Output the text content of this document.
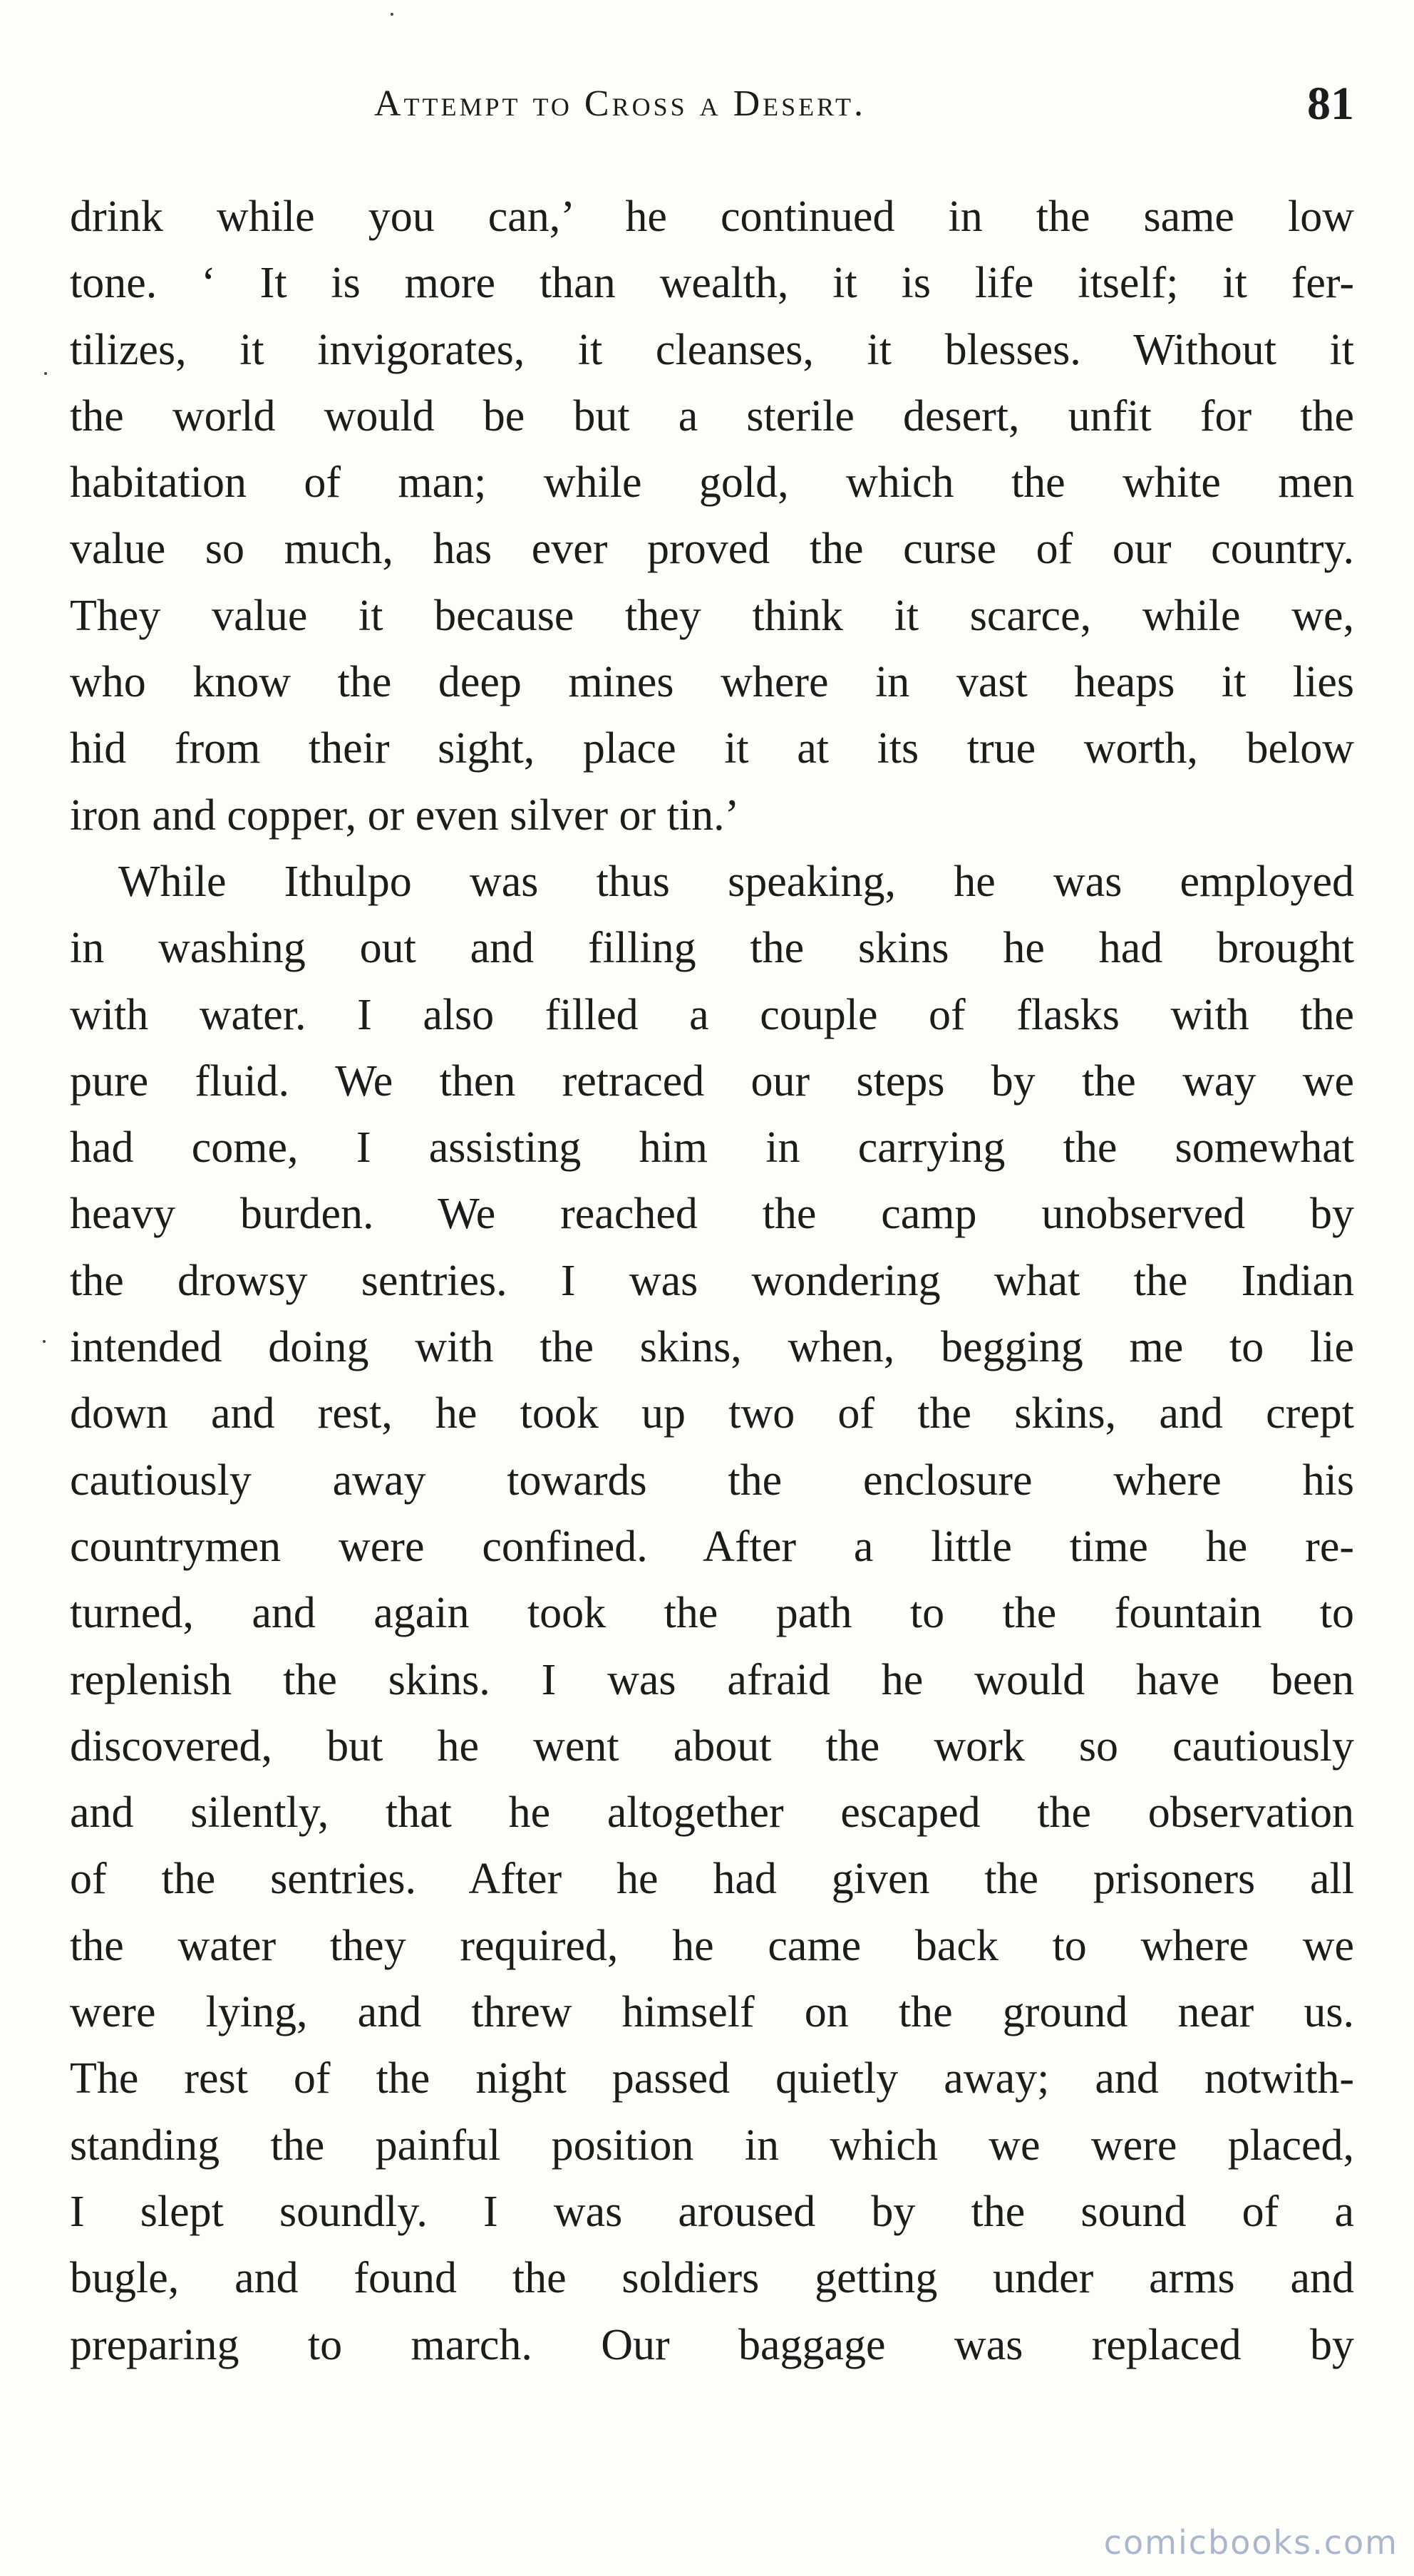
Attempt to Cross a Desert.	81
drink while you can,’ he continued in the same low
tone. ‘ It is more than wealth, it is life itself; it fer-
tilizes, it invigorates, it cleanses, it blesses. Without it
the world would be but a sterile desert, unfit for the
habitation of man; while gold, which the white men
value so much, has ever proved the curse of our country.
They value it because they think it scarce, while we,
who know the deep mines where in vast heaps it lies
hid from their sight, place it at its true worth, below
iron and copper, or even silver or tin.’
While Ithulpo was thus speaking, he was employed
in washing out and filling the skins he had brought
with water. I also filled a couple of flasks with the
pure fluid. We then retraced our steps by the way we
had come, I assisting him in carrying the somewhat
heavy burden. We reached the camp unobserved by
the drowsy sentries. I was wondering what the Indian
intended doing with the skins, when, begging me to lie
down and rest, he took up two of the skins, and crept
cautiously away towards the enclosure where his
countrymen were confined. After a little time he re-
turned, and again took the path to the fountain to
replenish the skins. I was afraid he would have been
discovered, but he went about the work so cautiously
and silently, that he altogether escaped the observation
of the sentries. After he had given the prisoners all
the water they required, he came back to where we
were lying, and threw himself on the ground near us.
The rest of the night passed quietly away; and notwith-
standing the painful position in which we were placed,
I slept soundly. I was aroused by the sound of a
bugle, and found the soldiers getting under arms and
preparing to march. Our baggage was replaced by
comicbooks.com
